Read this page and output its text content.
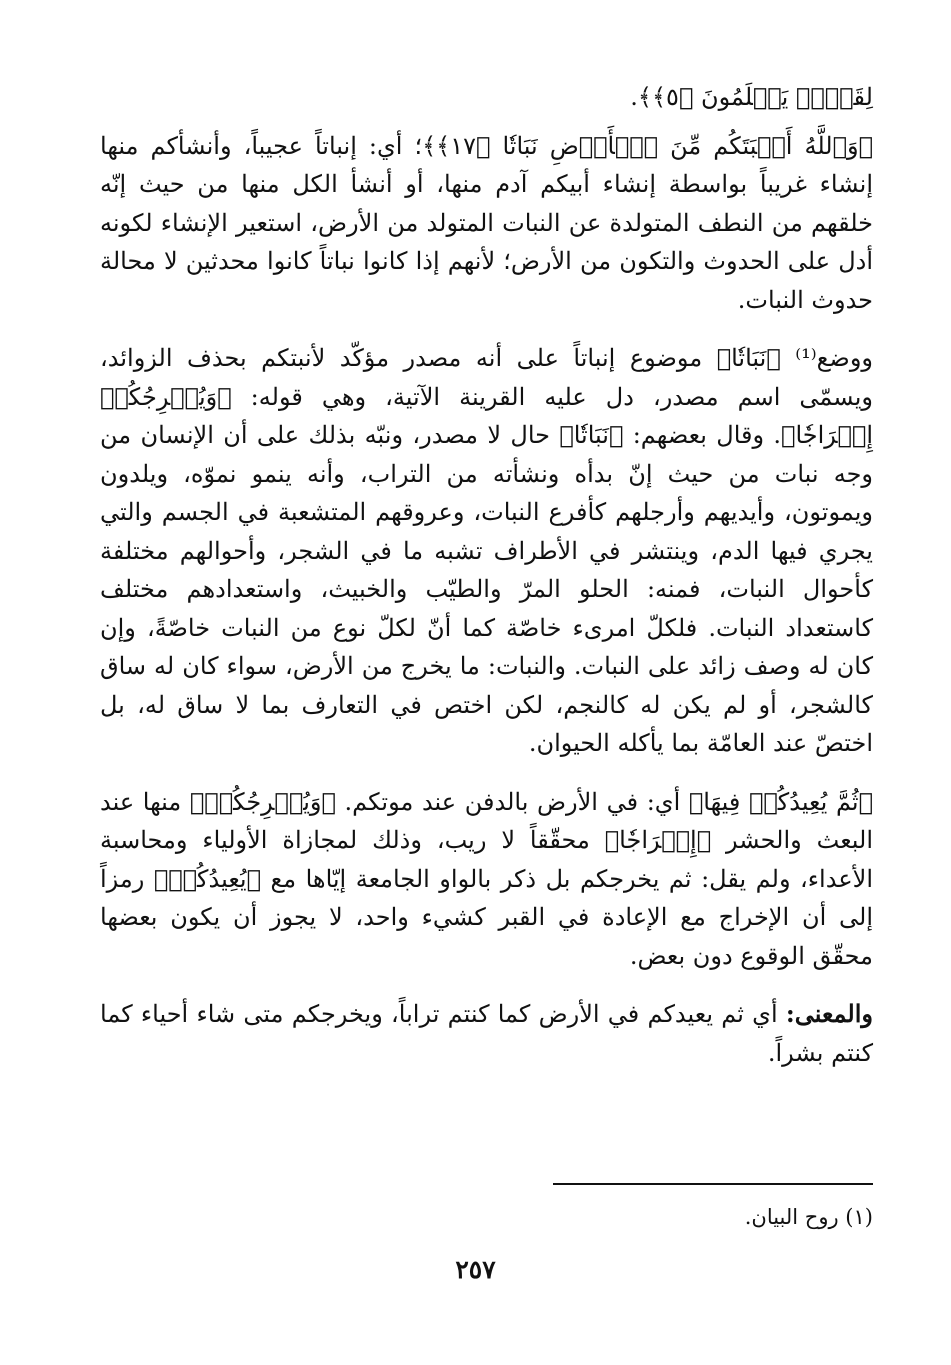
لِقَوۡمٖ يَعۡلَمُونَ ﴿٥﴾﴾.

﴿وَٱللَّهُ أَنۢبَتَكُم مِّنَ ٱلۡأَرۡضِ نَبَاتٗا ﴿١٧﴾﴾؛ أي: إنباتاً عجيباً، وأنشأكم منها إنشاء غريباً بواسطة إنشاء أبيكم آدم منها، أو أنشأ الكل منها من حيث إنّه خلقهم من النطف المتولدة عن النبات المتولد من الأرض، استعير الإنشاء لكونه أدل على الحدوث والتكون من الأرض؛ لأنهم إذا كانوا نباتاً كانوا محدثين لا محالة حدوث النبات.

ووضع⁽¹⁾ ﴿نَبَاتٗا﴾ موضوع إنباتاً على أنه مصدر مؤكّد لأنبتكم بحذف الزوائد، ويسمّى اسم مصدر، دل عليه القرينة الآتية، وهي قوله: ﴿وَيُخۡرِجُكُمۡ إِخۡرَاجٗا﴾. وقال بعضهم: ﴿نَبَاتٗا﴾ حال لا مصدر، ونبّه بذلك على أن الإنسان من وجه نبات من حيث إنّ بدأه ونشأته من التراب، وأنه ينمو نموّه، ويلدون ويموتون، وأيديهم وأرجلهم كأفرع النبات، وعروقهم المتشعبة في الجسم والتي يجري فيها الدم، وينتشر في الأطراف تشبه ما في الشجر، وأحوالهم مختلفة كأحوال النبات، فمنه: الحلو المرّ والطيّب والخبيث، واستعدادهم مختلف كاستعداد النبات. فلكلّ امرىء خاصّة كما أنّ لكلّ نوع من النبات خاصّةً، وإن كان له وصف زائد على النبات. والنبات: ما يخرج من الأرض، سواء كان له ساق كالشجر، أو لم يكن له كالنجم، لكن اختص في التعارف بما لا ساق له، بل اختصّ عند العامّة بما يأكله الحيوان.

﴿ثُمَّ يُعِيدُكُمۡ فِيهَا﴾ أي: في الأرض بالدفن عند موتكم. ﴿وَيُخۡرِجُكُمۡ﴾ منها عند البعث والحشر ﴿إِخۡرَاجٗا﴾ محقّقاً لا ريب، وذلك لمجازاة الأولياء ومحاسبة الأعداء، ولم يقل: ثم يخرجكم بل ذكر بالواو الجامعة إيّاها مع ﴿يُعِيدُكُمۡ﴾ رمزاً إلى أن الإخراج مع الإعادة في القبر كشيء واحد، لا يجوز أن يكون بعضها محقّق الوقوع دون بعض.

والمعنى: أي ثم يعيدكم في الأرض كما كنتم تراباً، ويخرجكم متى شاء أحياء كما كنتم بشراً.

(١) روح البيان.
٢٥٧
